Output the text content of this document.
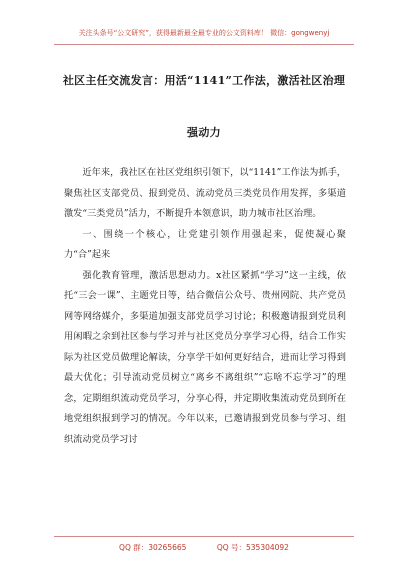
关注头条号“公文研究”，获得最新最全最专业的公文资料库！ 微信：gongwenyj
社区主任交流发言：用活“1141”工作法，激活社区治理
强动力

近年来，我社区在社区党组织引领下，以“1141”工作法为抓手，聚焦社区支部党员、报到党员、流动党员三类党员作用发挥，多渠道激发“三类党员”活力，不断提升本领意识，助力城市社区治理。

一、围绕一个核心，让党建引领作用强起来，促使凝心聚力“合”起来

强化教育管理，激活思想动力。x社区紧抓“学习”这一主线，依托“三会一课”、主题党日等，结合微信公众号、贵州网院、共产党员网等网络媒介，多渠道加强支部党员学习讨论；积极邀请报到党员利用闲暇之余到社区参与学习并与社区党员分享学习心得，结合工作实际为社区党员做理论解读，分享学干如何更好结合，进而让学习得到最大优化；引导流动党员树立“离乡不离组织”“忘啥不忘学习”的理念，定期组织流动党员学习，分享心得，并定期收集流动党员到所在地党组织报到学习的情况。今年以来，已邀请报到党员参与学习、组织流动党员学习讨

QQ 群：30265665	QQ 号：535304092
